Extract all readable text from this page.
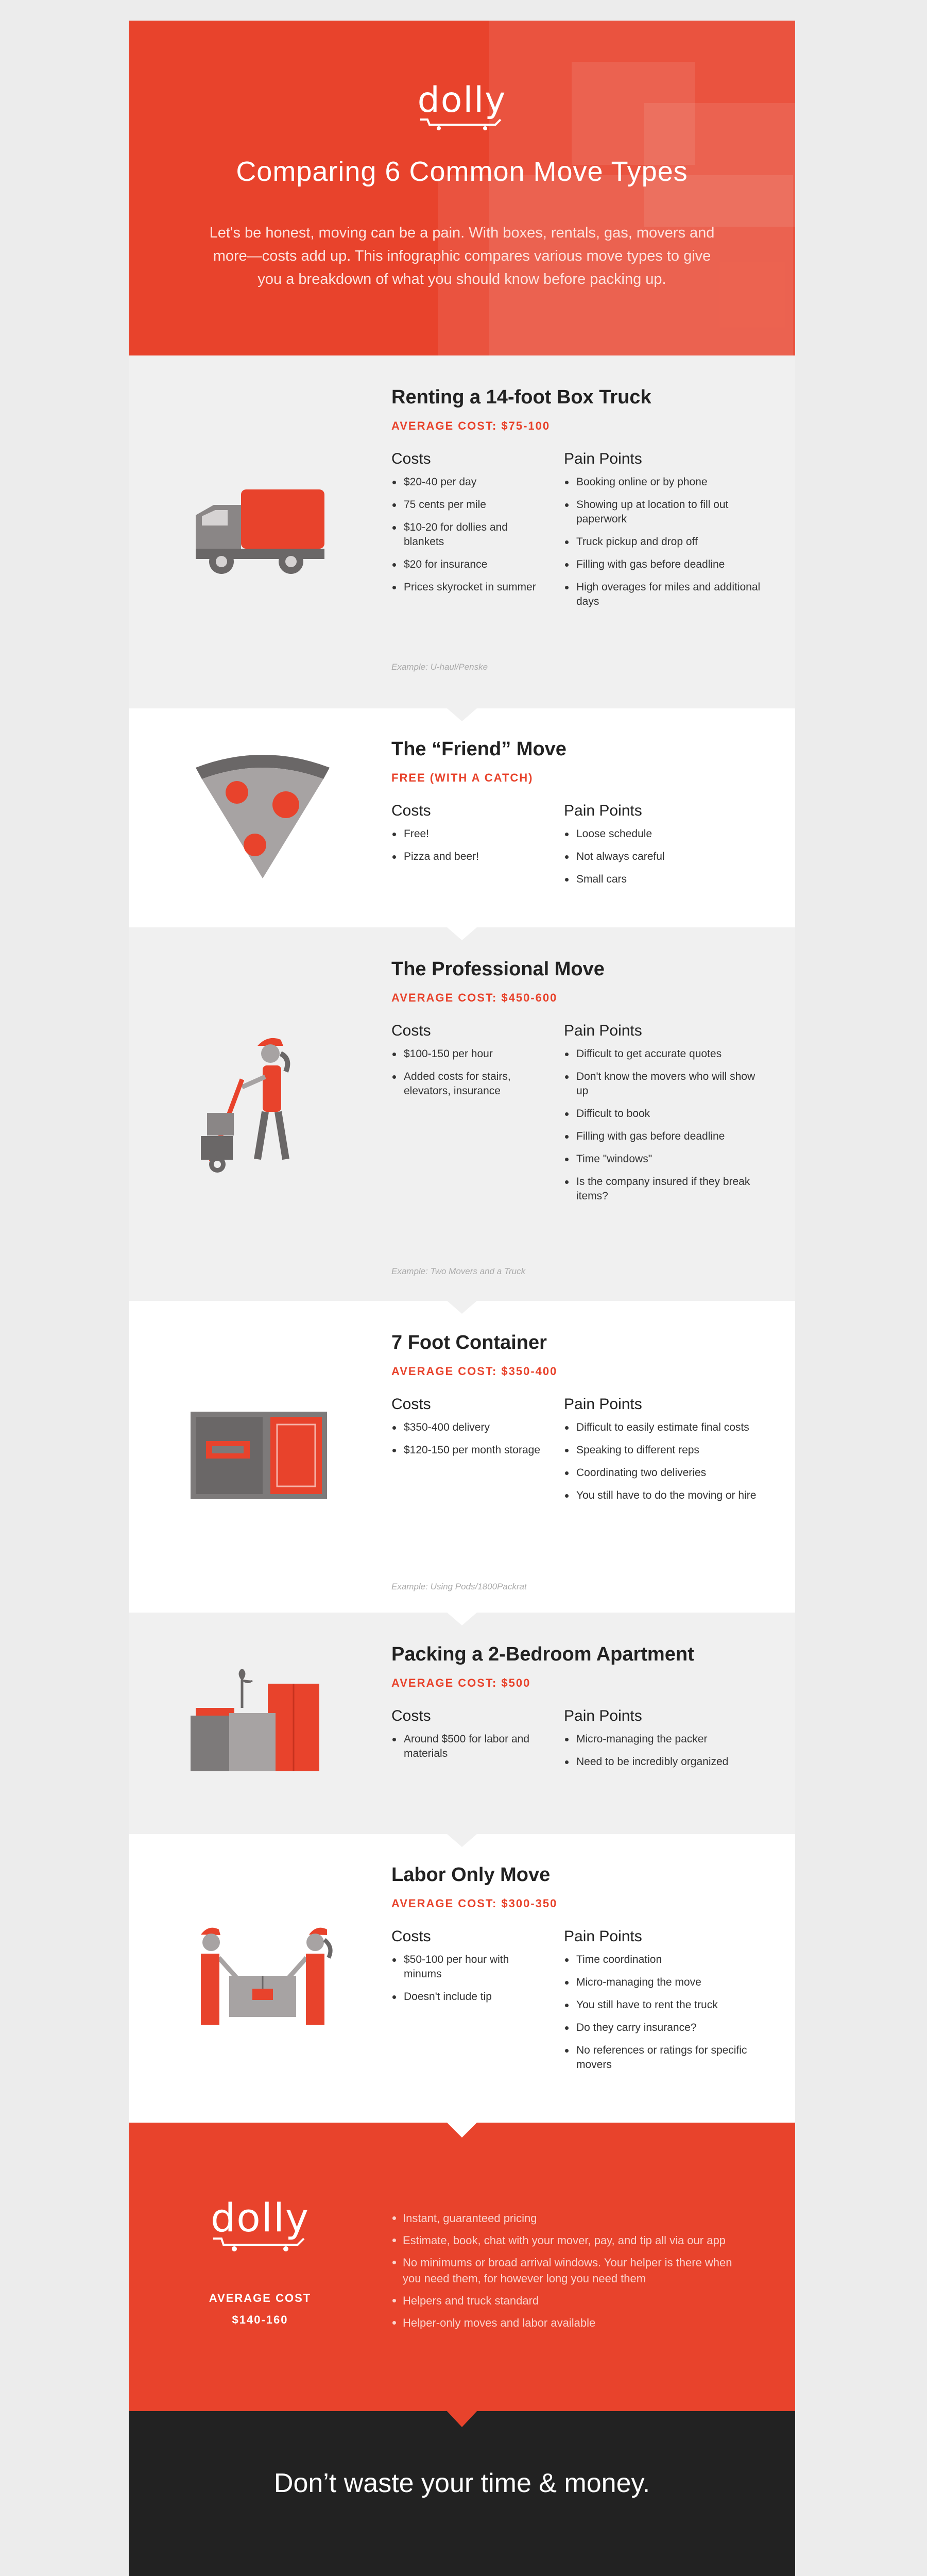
dolly
Comparing 6 Common Move Types

Let's be honest, moving can be a pain. With boxes, rentals, gas, movers and more—costs add up. This infographic compares various move types to give you a breakdown of what you should know before packing up.

Renting a 14-foot Box Truck
AVERAGE COST: $75-100
Costs
$20-40 per day
75 cents per mile
$10-20 for dollies and blankets
$20 for insurance
Prices skyrocket in summer
Pain Points
Booking online or by phone
Showing up at location to fill out paperwork
Truck pickup and drop off
Filling with gas before deadline
High overages for miles and additional days
Example: U-haul/Penske
The “Friend” Move
FREE (WITH A CATCH)
Costs
Free!
Pizza and beer!
Pain Points
Loose schedule
Not always careful
Small cars
The Professional Move
AVERAGE COST: $450-600
Costs
$100-150 per hour
Added costs for stairs, elevators, insurance
Pain Points
Difficult to get accurate quotes
Don't know the movers who will show up
Difficult to book
Filling with gas before deadline
Time "windows"
Is the company insured if they break items?
Example: Two Movers and a Truck
7 Foot Container
AVERAGE COST: $350-400
Costs
$350-400 delivery
$120-150 per month storage
Pain Points
Difficult to easily estimate final costs
Speaking to different reps
Coordinating two deliveries
You still have to do the moving or hire
Example: Using Pods/1800Packrat
Packing a 2-Bedroom Apartment
AVERAGE COST: $500
Costs
Around $500 for labor and materials
Pain Points
Micro-managing the packer
Need to be incredibly organized
Labor Only Move
AVERAGE COST: $300-350
Costs
$50-100 per hour with minums
Doesn't include tip
Pain Points
Time coordination
Micro-managing the move
You still have to rent the truck
Do they carry insurance?
No references or ratings for specific movers
dolly
AVERAGE COST
$140-160
Instant, guaranteed pricing
Estimate, book, chat with your mover, pay, and tip all via our app
No minimums or broad arrival windows. Your helper is there when you need them, for however long you need them
Helpers and truck standard
Helper-only moves and labor available
Don’t waste your time & money.
